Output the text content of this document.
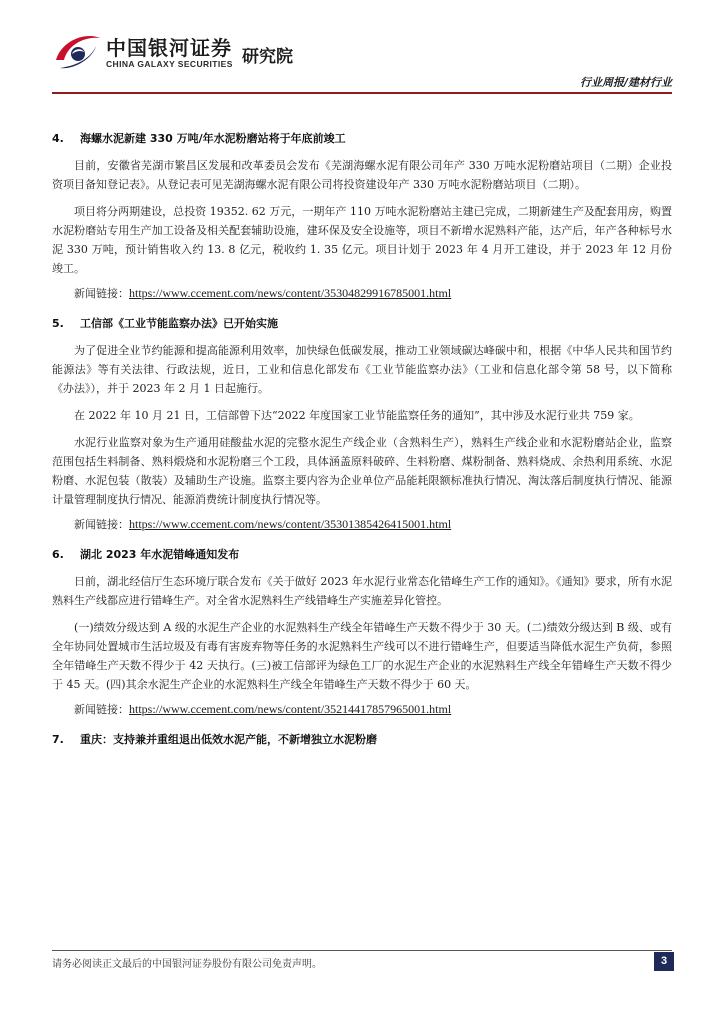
中国银河证券
CHINA GALAXY SECURITIES 研究院
行业周报/建材行业
4. 海螺水泥新建 330 万吨/年水泥粉磨站将于年底前竣工

目前，安徽省芜湖市繁昌区发展和改革委员会发布《芜湖海螺水泥有限公司年产 330 万吨水泥粉磨站项目（二期）企业投资项目备知登记表》。从登记表可见芜湖海螺水泥有限公司将投资建设年产 330 万吨水泥粉磨站项目（二期）。

项目将分两期建设，总投资 19352. 62 万元，一期年产 110 万吨水泥粉磨站主建已完成，二期新建生产及配套用房，购置水泥粉磨站专用生产加工设备及相关配套辅助设施，建环保及安全设施等，项目不新增水泥熟料产能，达产后，年产各种标号水泥 330 万吨，预计销售收入约 13. 8 亿元，税收约 1. 35 亿元。项目计划于 2023 年 4 月开工建设，并于 2023 年 12 月份竣工。

新闻链接：https://www.ccement.com/news/content/35304829916785001.html

5. 工信部《工业节能监察办法》已开始实施

为了促进全业节约能源和提高能源利用效率，加快绿色低碳发展，推动工业领域碳达峰碳中和，根据《中华人民共和国节约能源法》等有关法律、行政法规，近日，工业和信息化部发布《工业节能监察办法》（工业和信息化部令第 58 号，以下简称《办法》），并于 2023 年 2 月 1 日起施行。

在 2022 年 10 月 21 日，工信部曾下达“2022 年度国家工业节能监察任务的通知”，其中涉及水泥行业共 759 家。

水泥行业监察对象为生产通用硅酸盐水泥的完整水泥生产线企业（含熟料生产），熟料生产线企业和水泥粉磨站企业，监察范围包括生料制备、熟料煅烧和水泥粉磨三个工段，具体涵盖原料破碎、生料粉磨、煤粉制备、熟料烧成、余热利用系统、水泥粉磨、水泥包装（散装）及辅助生产设施。监察主要内容为企业单位产品能耗限额标准执行情况、淘汰落后制度执行情况、能源计量管理制度执行情况、能源消费统计制度执行情况等。

新闻链接：https://www.ccement.com/news/content/35301385426415001.html

6. 湖北 2023 年水泥错峰通知发布

日前，湖北经信厅生态环境厅联合发布《关于做好 2023 年水泥行业常态化错峰生产工作的通知》。《通知》要求，所有水泥熟料生产线都应进行错峰生产。对全省水泥熟料生产线错峰生产实施差异化管控。

(一)绩效分级达到 A 级的水泥生产企业的水泥熟料生产线全年错峰生产天数不得少于 30 天。(二)绩效分级达到 B 级、或有全年协同处置城市生活垃圾及有毒有害废弃物等任务的水泥熟料生产线可以不进行错峰生产，但要适当降低水泥生产负荷，参照全年错峰生产天数不得少于 42 天执行。(三)被工信部评为绿色工厂的水泥生产企业的水泥熟料生产线全年错峰生产天数不得少于 45 天。(四)其余水泥生产企业的水泥熟料生产线全年错峰生产天数不得少于 60 天。

新闻链接：https://www.ccement.com/news/content/35214417857965001.html

7. 重庆：支持兼并重组退出低效水泥产能，不新增独立水泥粉磨
请务必阅读正文最后的中国银河证券股份有限公司免责声明。	3
